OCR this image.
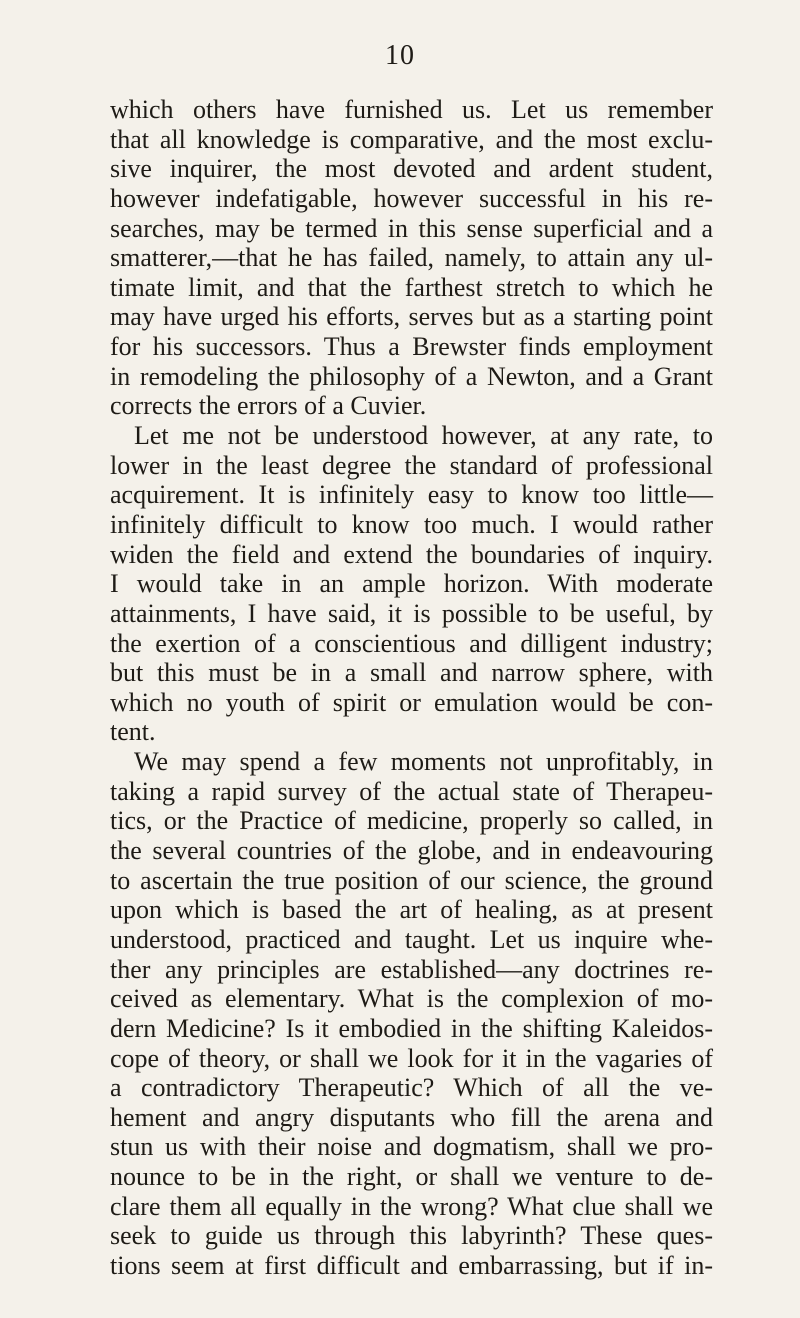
10
which others have furnished us. Let us remember
that all knowledge is comparative, and the most exclu-
sive inquirer, the most devoted and ardent student,
however indefatigable, however successful in his re-
searches, may be termed in this sense superficial and a
smatterer,—that he has failed, namely, to attain any ul-
timate limit, and that the farthest stretch to which he
may have urged his efforts, serves but as a starting point
for his successors. Thus a Brewster finds employment
in remodeling the philosophy of a Newton, and a Grant
corrects the errors of a Cuvier.
Let me not be understood however, at any rate, to
lower in the least degree the standard of professional
acquirement. It is infinitely easy to know too little—
infinitely difficult to know too much. I would rather
widen the field and extend the boundaries of inquiry.
I would take in an ample horizon. With moderate
attainments, I have said, it is possible to be useful, by
the exertion of a conscientious and dilligent industry;
but this must be in a small and narrow sphere, with
which no youth of spirit or emulation would be con-
tent.
We may spend a few moments not unprofitably, in
taking a rapid survey of the actual state of Therapeu-
tics, or the Practice of medicine, properly so called, in
the several countries of the globe, and in endeavouring
to ascertain the true position of our science, the ground
upon which is based the art of healing, as at present
understood, practiced and taught. Let us inquire whe-
ther any principles are established—any doctrines re-
ceived as elementary. What is the complexion of mo-
dern Medicine? Is it embodied in the shifting Kaleidos-
cope of theory, or shall we look for it in the vagaries of
a contradictory Therapeutic? Which of all the ve-
hement and angry disputants who fill the arena and
stun us with their noise and dogmatism, shall we pro-
nounce to be in the right, or shall we venture to de-
clare them all equally in the wrong? What clue shall we
seek to guide us through this labyrinth? These ques-
tions seem at first difficult and embarrassing, but if in-
